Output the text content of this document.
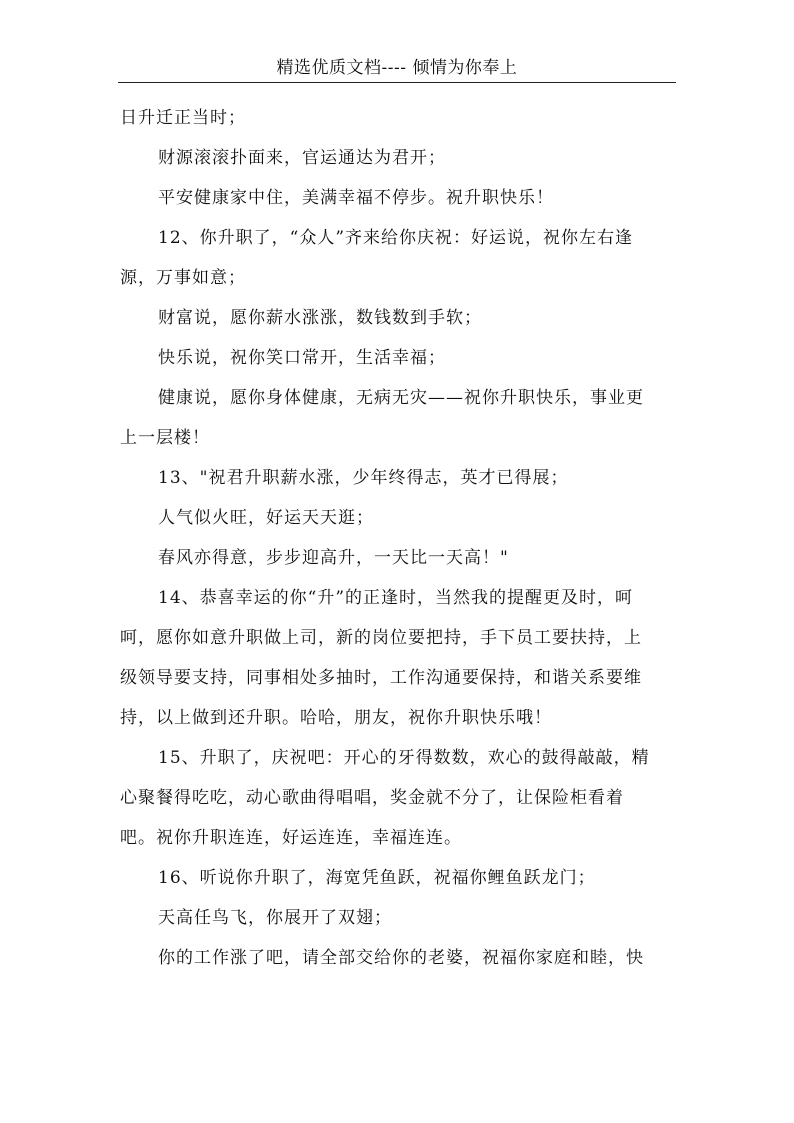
精选优质文档---- 倾情为你奉上

日升迁正当时；

财源滚滚扑面来，官运通达为君开；

平安健康家中住，美满幸福不停步。祝升职快乐！

12、你升职了，“众人”齐来给你庆祝：好运说，祝你左右逢

源，万事如意；

财富说，愿你薪水涨涨，数钱数到手软；

快乐说，祝你笑口常开，生活幸福；

健康说，愿你身体健康，无病无灾——祝你升职快乐，事业更

上一层楼！

13、"祝君升职薪水涨，少年终得志，英才已得展；

人气似火旺，好运天天逛；

春风亦得意，步步迎高升，一天比一天高！"

14、恭喜幸运的你“升”的正逢时，当然我的提醒更及时，呵

呵，愿你如意升职做上司，新的岗位要把持，手下员工要扶持，上

级领导要支持，同事相处多抽时，工作沟通要保持，和谐关系要维

持，以上做到还升职。哈哈，朋友，祝你升职快乐哦！

15、升职了，庆祝吧：开心的牙得数数，欢心的鼓得敲敲，精

心聚餐得吃吃，动心歌曲得唱唱，奖金就不分了，让保险柜看着

吧。祝你升职连连，好运连连，幸福连连。

16、听说你升职了，海宽凭鱼跃，祝福你鲤鱼跃龙门；

天高任鸟飞，你展开了双翅；

你的工作涨了吧，请全部交给你的老婆，祝福你家庭和睦，快
